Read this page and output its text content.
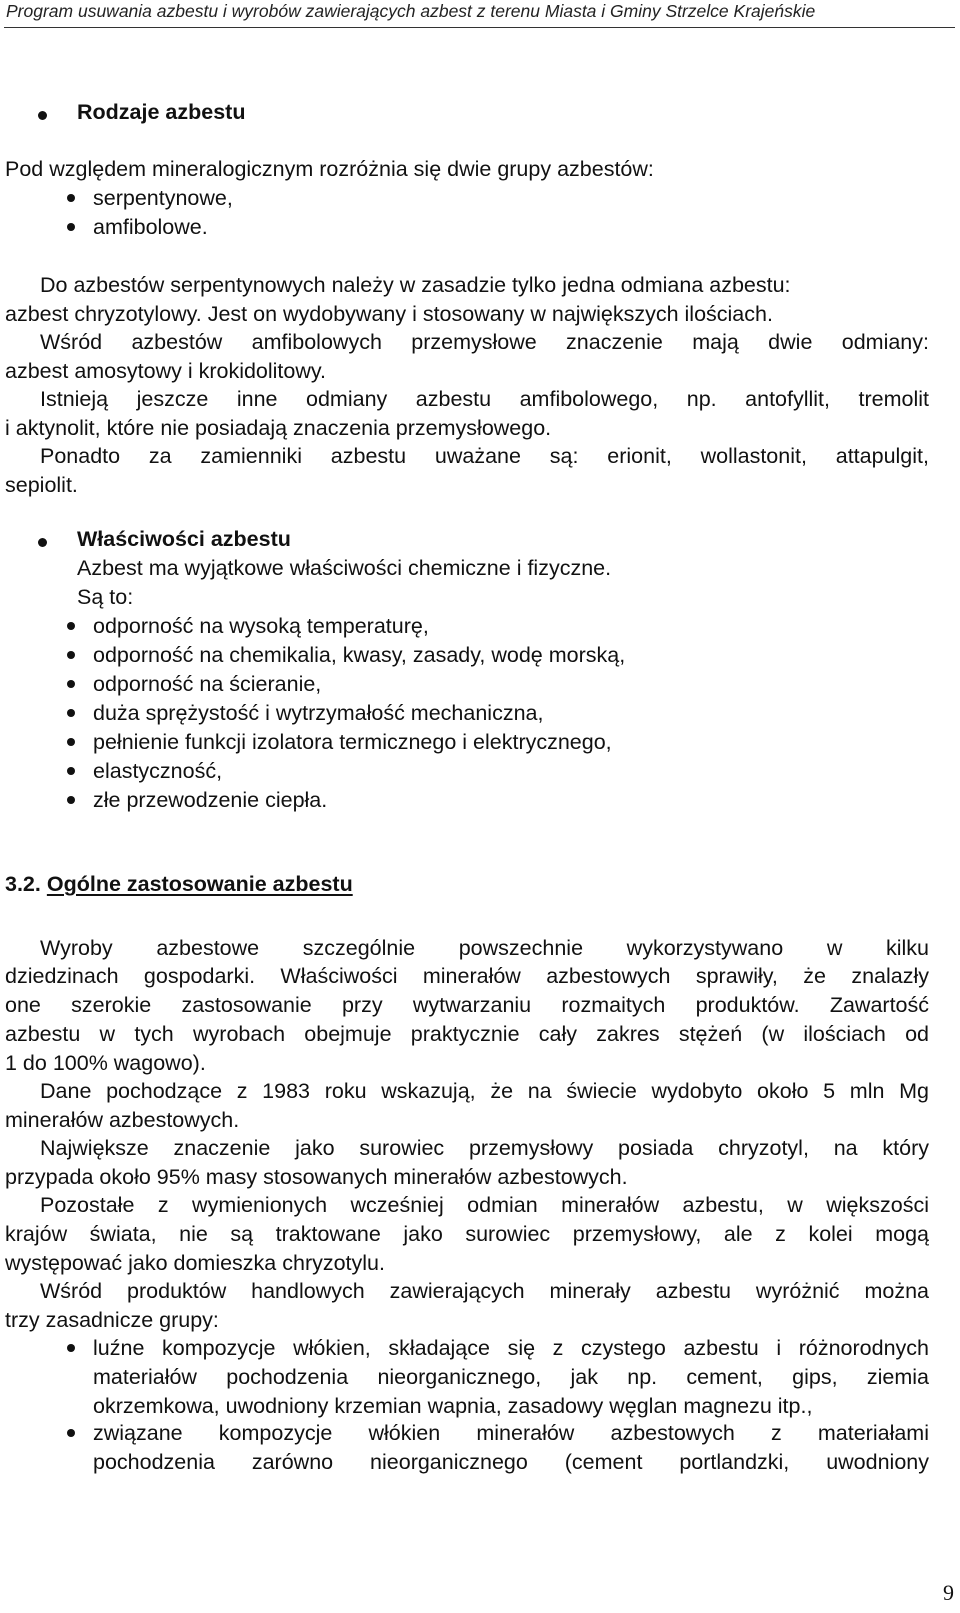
Program usuwania azbestu i wyrobów zawierających azbest z terenu Miasta i Gminy Strzelce Krajeńskie
Rodzaje azbestu
Pod względem mineralogicznym rozróżnia się dwie grupy azbestów:
serpentynowe,
amfibolowe.
Do azbestów serpentynowych należy w zasadzie tylko jedna odmiana azbestu:
azbest chryzotylowy. Jest on wydobywany i stosowany w największych ilościach.
Wśród azbestów amfibolowych przemysłowe znaczenie mają dwie odmiany:
azbest amosytowy i krokidolitowy.
Istnieją jeszcze inne odmiany azbestu amfibolowego, np. antofyllit, tremolit
i aktynolit, które nie posiadają znaczenia przemysłowego.
Ponadto za zamienniki azbestu uważane są: erionit, wollastonit, attapulgit,
sepiolit.
Właściwości azbestu
Azbest ma wyjątkowe właściwości chemiczne i fizyczne.
Są to:
odporność na wysoką temperaturę,
odporność na chemikalia, kwasy, zasady, wodę morską,
odporność na ścieranie,
duża sprężystość i wytrzymałość mechaniczna,
pełnienie funkcji izolatora termicznego i elektrycznego,
elastyczność,
złe przewodzenie ciepła.
3.2. Ogólne zastosowanie azbestu
Wyroby azbestowe szczególnie powszechnie wykorzystywano w kilku
dziedzinach gospodarki. Właściwości minerałów azbestowych sprawiły, że znalazły
one szerokie zastosowanie przy wytwarzaniu rozmaitych produktów. Zawartość
azbestu w tych wyrobach obejmuje praktycznie cały zakres stężeń (w ilościach od
1 do 100% wagowo).
Dane pochodzące z 1983 roku wskazują, że na świecie wydobyto około 5 mln Mg
minerałów azbestowych.
Największe znaczenie jako surowiec przemysłowy posiada chryzotyl, na który
przypada około 95% masy stosowanych minerałów azbestowych.
Pozostałe z wymienionych wcześniej odmian minerałów azbestu, w większości
krajów świata, nie są traktowane jako surowiec przemysłowy, ale z kolei mogą
występować jako domieszka chryzotylu.
Wśród produktów handlowych zawierających minerały azbestu wyróżnić można
trzy zasadnicze grupy:
luźne kompozycje włókien, składające się z czystego azbestu i różnorodnych
materiałów pochodzenia nieorganicznego, jak np. cement, gips, ziemia
okrzemkowa, uwodniony krzemian wapnia, zasadowy węglan magnezu itp.,
związane kompozycje włókien minerałów azbestowych z materiałami
pochodzenia zarówno nieorganicznego (cement portlandzki, uwodniony
9
